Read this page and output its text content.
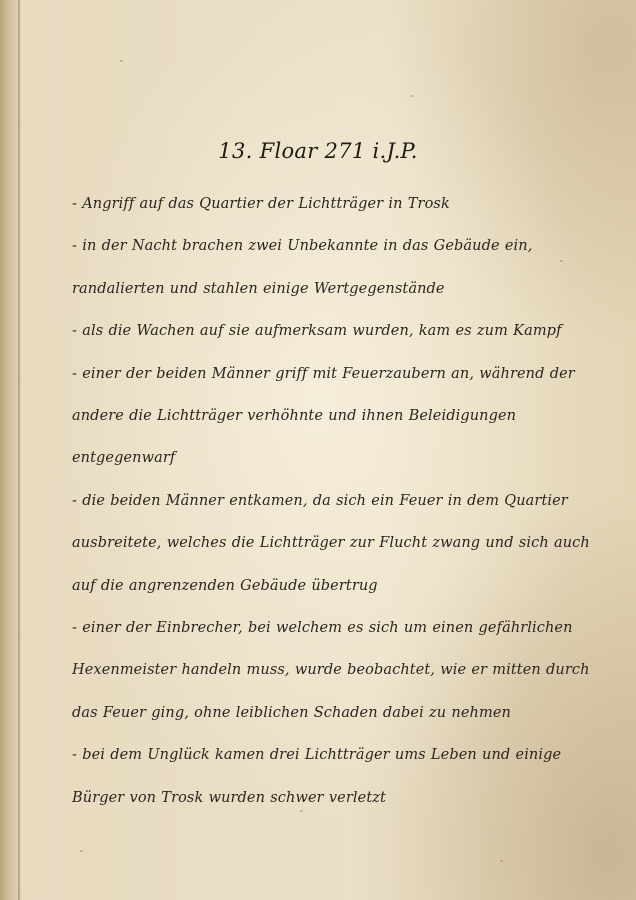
13. Floar 271 i.J.P.

- Angriff auf das Quartier der Lichtträger in Trosk

- in der Nacht brachen zwei Unbekannte in das Gebäude ein, randalierten und stahlen einige Wertgegenstände

- als die Wachen auf sie aufmerksam wurden, kam es zum Kampf

- einer der beiden Männer griff mit Feuerzaubern an, während der andere die Lichtträger verhöhnte und ihnen Beleidigungen entgegenwarf

- die beiden Männer entkamen, da sich ein Feuer in dem Quartier ausbreitete, welches die Lichtträger zur Flucht zwang und sich auch auf die angrenzenden Gebäude übertrug

- einer der Einbrecher, bei welchem es sich um einen gefährlichen Hexenmeister handeln muss, wurde beobachtet, wie er mitten durch das Feuer ging, ohne leiblichen Schaden dabei zu nehmen

- bei dem Unglück kamen drei Lichtträger ums Leben und einige Bürger von Trosk wurden schwer verletzt
